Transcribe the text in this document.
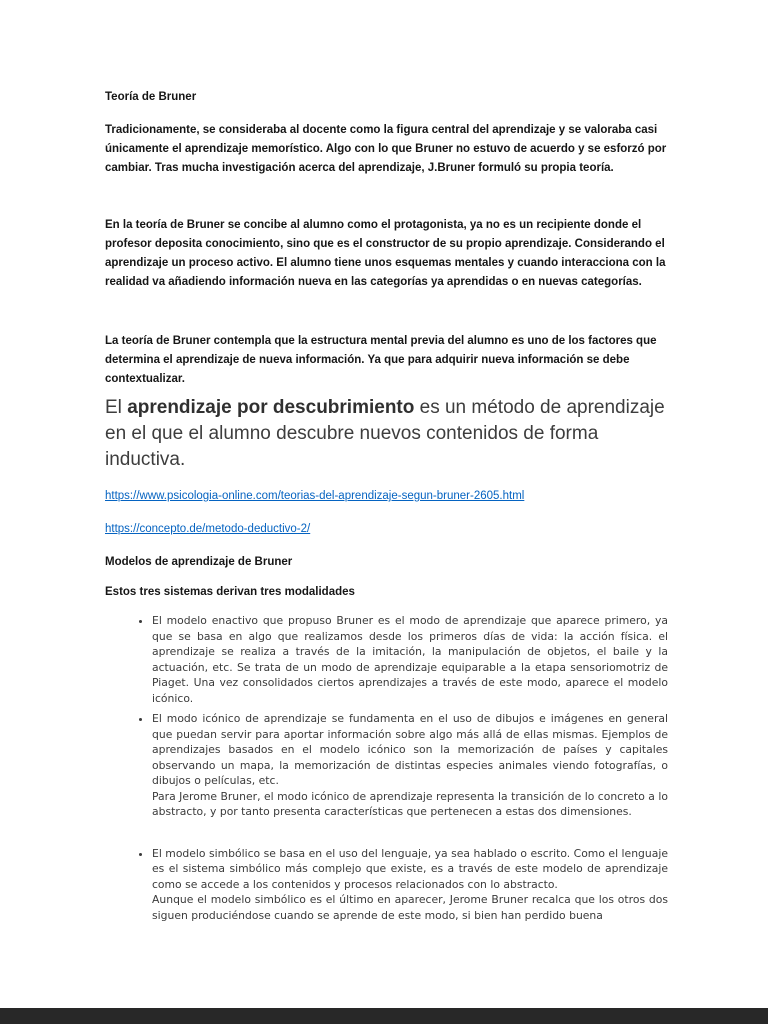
Teoría de Bruner

Tradicionamente, se consideraba al docente como la figura central del aprendizaje y se valoraba casi únicamente el aprendizaje memorístico. Algo con lo que Bruner no estuvo de acuerdo y se esforzó por cambiar. Tras mucha investigación acerca del aprendizaje, J.Bruner formuló su propia teoría.

En la teoría de Bruner se concibe al alumno como el protagonista, ya no es un recipiente donde el profesor deposita conocimiento, sino que es el constructor de su propio aprendizaje. Considerando el aprendizaje un proceso activo. El alumno tiene unos esquemas mentales y cuando interacciona con la realidad va añadiendo información nueva en las categorías ya aprendidas o en nuevas categorías.

La teoría de Bruner contempla que la estructura mental previa del alumno es uno de los factores que determina el aprendizaje de nueva información. Ya que para adquirir nueva información se debe contextualizar.

El aprendizaje por descubrimiento es un método de aprendizaje en el que el alumno descubre nuevos contenidos de forma inductiva.

https://www.psicologia-online.com/teorias-del-aprendizaje-segun-bruner-2605.html

https://concepto.de/metodo-deductivo-2/

Modelos de aprendizaje de Bruner

Estos tres sistemas derivan tres modalidades

• El modelo enactivo que propuso Bruner es el modo de aprendizaje que aparece primero, ya que se basa en algo que realizamos desde los primeros días de vida: la acción física. el aprendizaje se realiza a través de la imitación, la manipulación de objetos, el baile y la actuación, etc. Se trata de un modo de aprendizaje equiparable a la etapa sensoriomotriz de Piaget. Una vez consolidados ciertos aprendizajes a través de este modo, aparece el modelo icónico.

• El modo icónico de aprendizaje se fundamenta en el uso de dibujos e imágenes en general que puedan servir para aportar información sobre algo más allá de ellas mismas. Ejemplos de aprendizajes basados en el modelo icónico son la memorización de países y capitales observando un mapa, la memorización de distintas especies animales viendo fotografías, o dibujos o películas, etc.

Para Jerome Bruner, el modo icónico de aprendizaje representa la transición de lo concreto a lo abstracto, y por tanto presenta características que pertenecen a estas dos dimensiones.

• El modelo simbólico se basa en el uso del lenguaje, ya sea hablado o escrito. Como el lenguaje es el sistema simbólico más complejo que existe, es a través de este modelo de aprendizaje como se accede a los contenidos y procesos relacionados con lo abstracto.

Aunque el modelo simbólico es el último en aparecer, Jerome Bruner recalca que los otros dos siguen produciéndose cuando se aprende de este modo, si bien han perdido buena
